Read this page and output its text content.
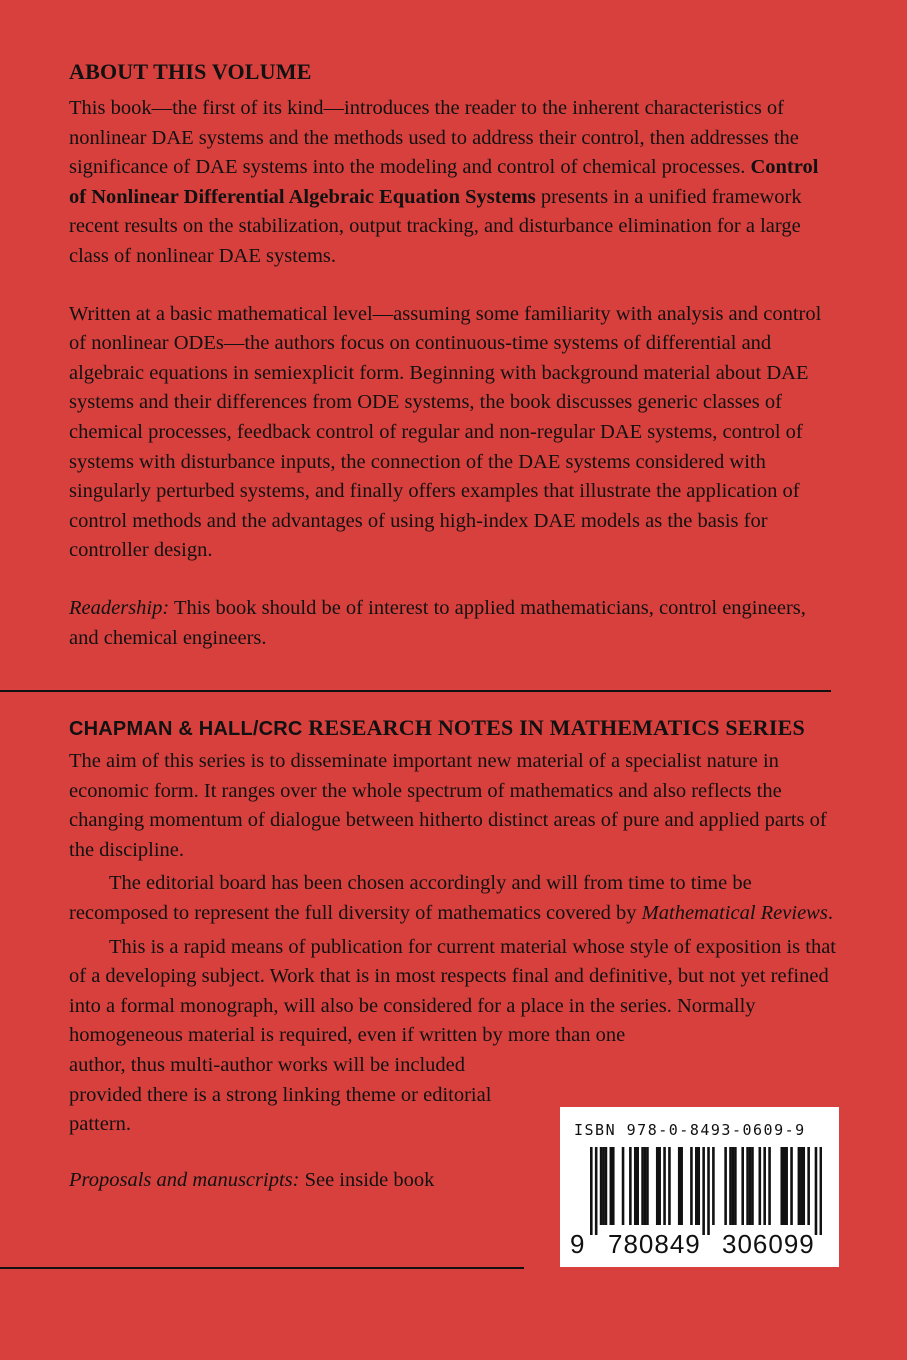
ABOUT THIS VOLUME

This book—the first of its kind—introduces the reader to the inherent characteristics of nonlinear DAE systems and the methods used to address their control, then addresses the significance of DAE systems into the modeling and control of chemical processes. Control of Nonlinear Differential Algebraic Equation Systems presents in a unified framework recent results on the stabilization, output tracking, and disturbance elimination for a large class of nonlinear DAE systems.

Written at a basic mathematical level—assuming some familiarity with analysis and control of nonlinear ODEs—the authors focus on continuous-time systems of differential and algebraic equations in semiexplicit form. Beginning with background material about DAE systems and their differences from ODE systems, the book discusses generic classes of chemical processes, feedback control of regular and non-regular DAE systems, control of systems with disturbance inputs, the connection of the DAE systems considered with singularly perturbed systems, and finally offers examples that illustrate the application of control methods and the advantages of using high-index DAE models as the basis for controller design.

Readership: This book should be of interest to applied mathematicians, control engineers, and chemical engineers.

CHAPMAN & HALL/CRC RESEARCH NOTES IN MATHEMATICS SERIES

The aim of this series is to disseminate important new material of a specialist nature in economic form. It ranges over the whole spectrum of mathematics and also reflects the changing momentum of dialogue between hitherto distinct areas of pure and applied parts of the discipline.

The editorial board has been chosen accordingly and will from time to time be recomposed to represent the full diversity of mathematics covered by Mathematical Reviews.

This is a rapid means of publication for current material whose style of exposition is that of a developing subject. Work that is in most respects final and definitive, but not yet refined into a formal monograph, will also be considered for a place in the series. Normally homogeneous material is required, even if written by more than one

author, thus multi-author works will be included provided there is a strong linking theme or editorial pattern.

Proposals and manuscripts: See inside book

ISBN 978-0-8493-0609-9
9 780849 306099
